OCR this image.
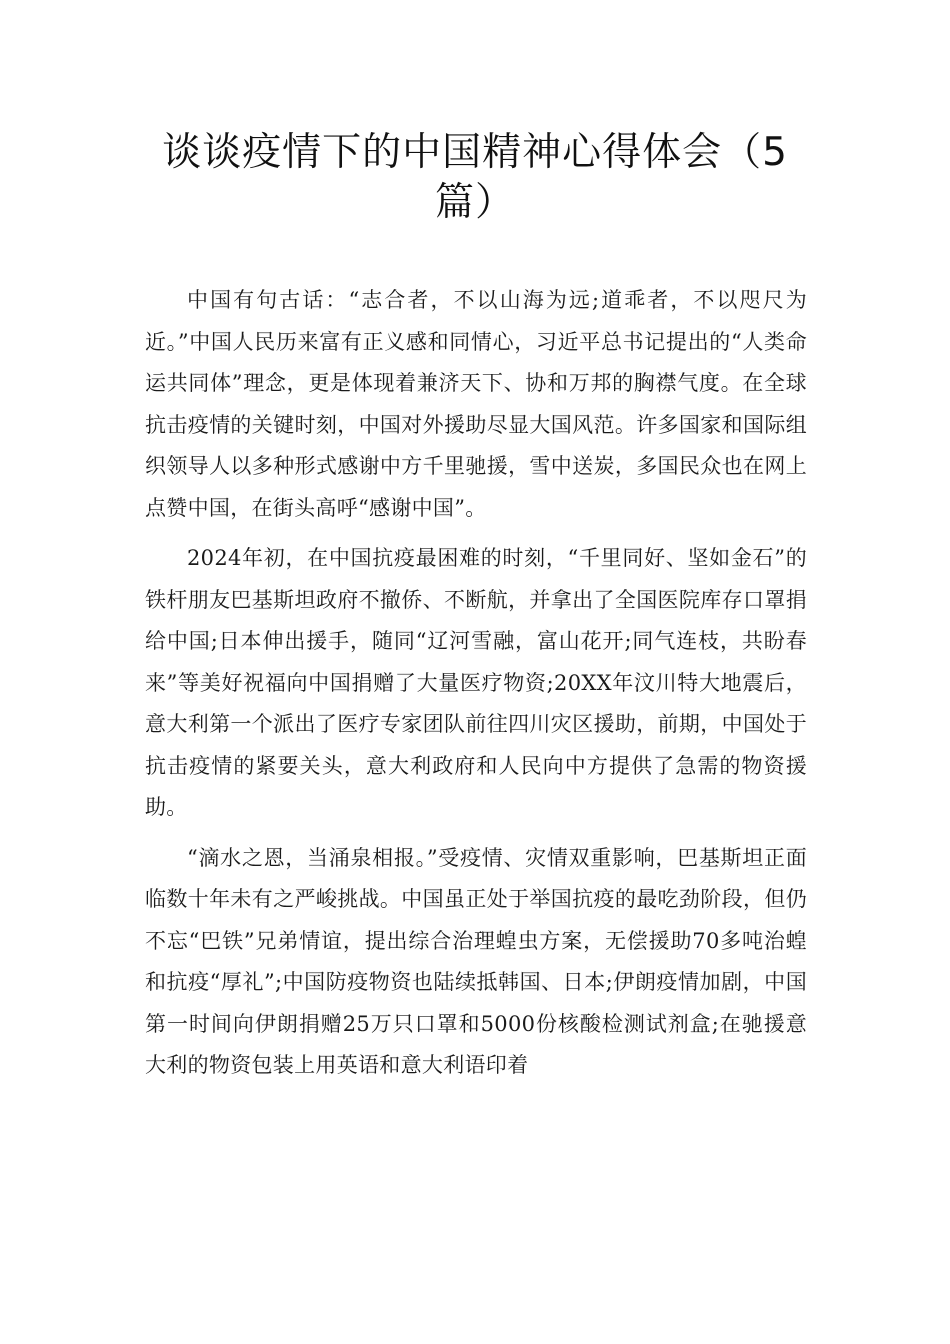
谈谈疫情下的中国精神心得体会（5篇）

中国有句古话：“志合者，不以山海为远;道乖者，不以咫尺为近。”中国人民历来富有正义感和同情心，习近平总书记提出的“人类命运共同体”理念，更是体现着兼济天下、协和万邦的胸襟气度。在全球抗击疫情的关键时刻，中国对外援助尽显大国风范。许多国家和国际组织领导人以多种形式感谢中方千里驰援，雪中送炭，多国民众也在网上点赞中国，在街头高呼“感谢中国”。

2024年初，在中国抗疫最困难的时刻，“千里同好、坚如金石”的铁杆朋友巴基斯坦政府不撤侨、不断航，并拿出了全国医院库存口罩捐给中国;日本伸出援手，随同“辽河雪融，富山花开;同气连枝，共盼春来”等美好祝福向中国捐赠了大量医疗物资;20XX年汶川特大地震后，意大利第一个派出了医疗专家团队前往四川灾区援助，前期，中国处于抗击疫情的紧要关头，意大利政府和人民向中方提供了急需的物资援助。

“滴水之恩，当涌泉相报。”受疫情、灾情双重影响，巴基斯坦正面临数十年未有之严峻挑战。中国虽正处于举国抗疫的最吃劲阶段，但仍不忘“巴铁”兄弟情谊，提出综合治理蝗虫方案，无偿援助70多吨治蝗和抗疫“厚礼”;中国防疫物资也陆续抵韩国、日本;伊朗疫情加剧，中国第一时间向伊朗捐赠25万只口罩和5000份核酸检测试剂盒;在驰援意大利的物资包装上用英语和意大利语印着
